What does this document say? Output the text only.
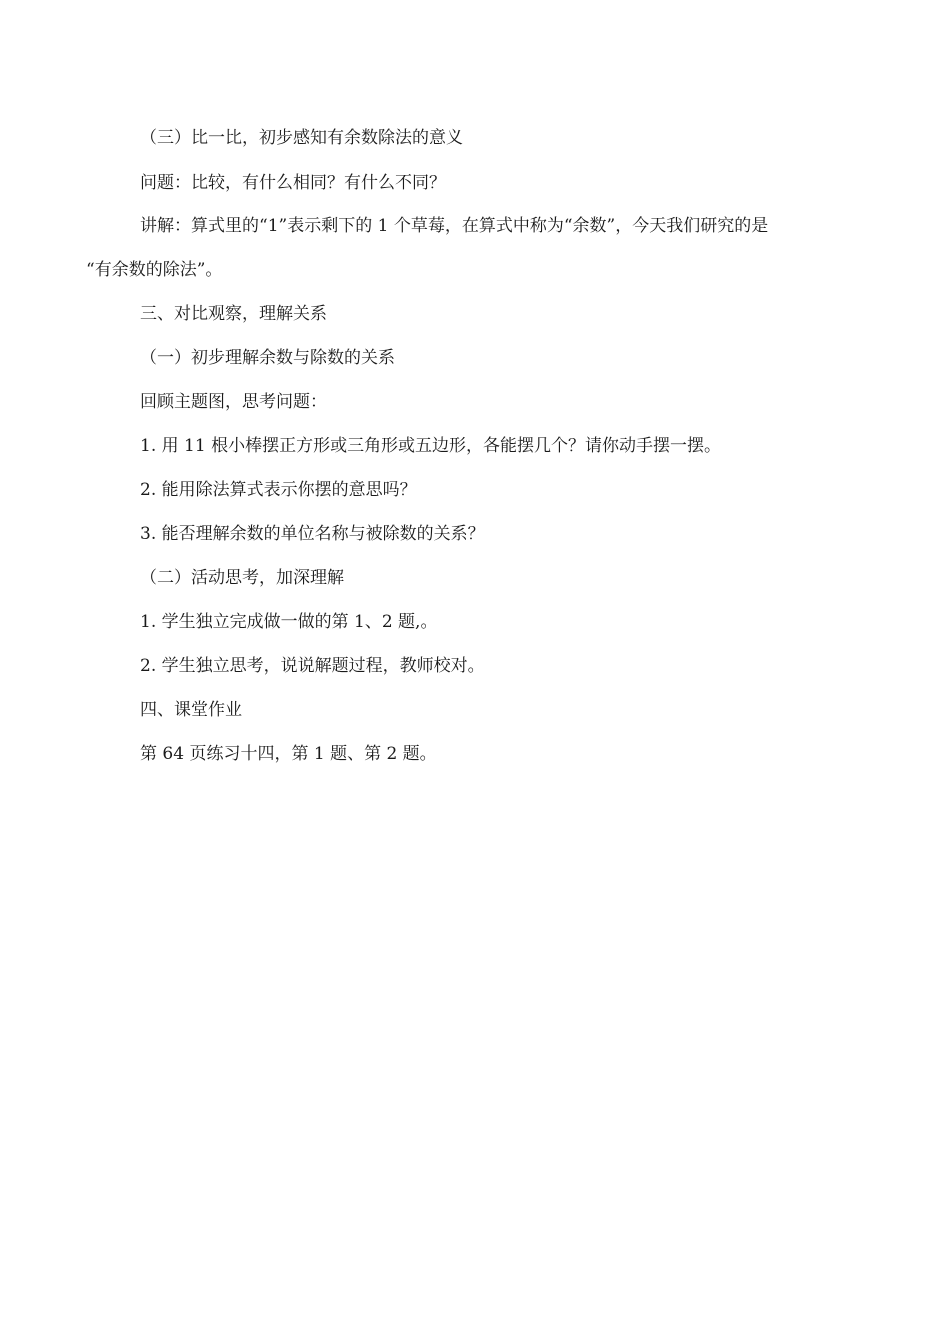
（三）比一比，初步感知有余数除法的意义
问题：比较，有什么相同？有什么不同？
讲解：算式里的“1”表示剩下的 1 个草莓，在算式中称为“余数”，今天我们研究的是
“有余数的除法”。
三、对比观察，理解关系
（一）初步理解余数与除数的关系
回顾主题图，思考问题：
1. 用 11 根小棒摆正方形或三角形或五边形，各能摆几个？请你动手摆一摆。
2. 能用除法算式表示你摆的意思吗？
3. 能否理解余数的单位名称与被除数的关系？
（二）活动思考，加深理解
1. 学生独立完成做一做的第 1、2 题,。
2. 学生独立思考，说说解题过程，教师校对。
四、课堂作业
第 64 页练习十四，第 1 题、第 2 题。
